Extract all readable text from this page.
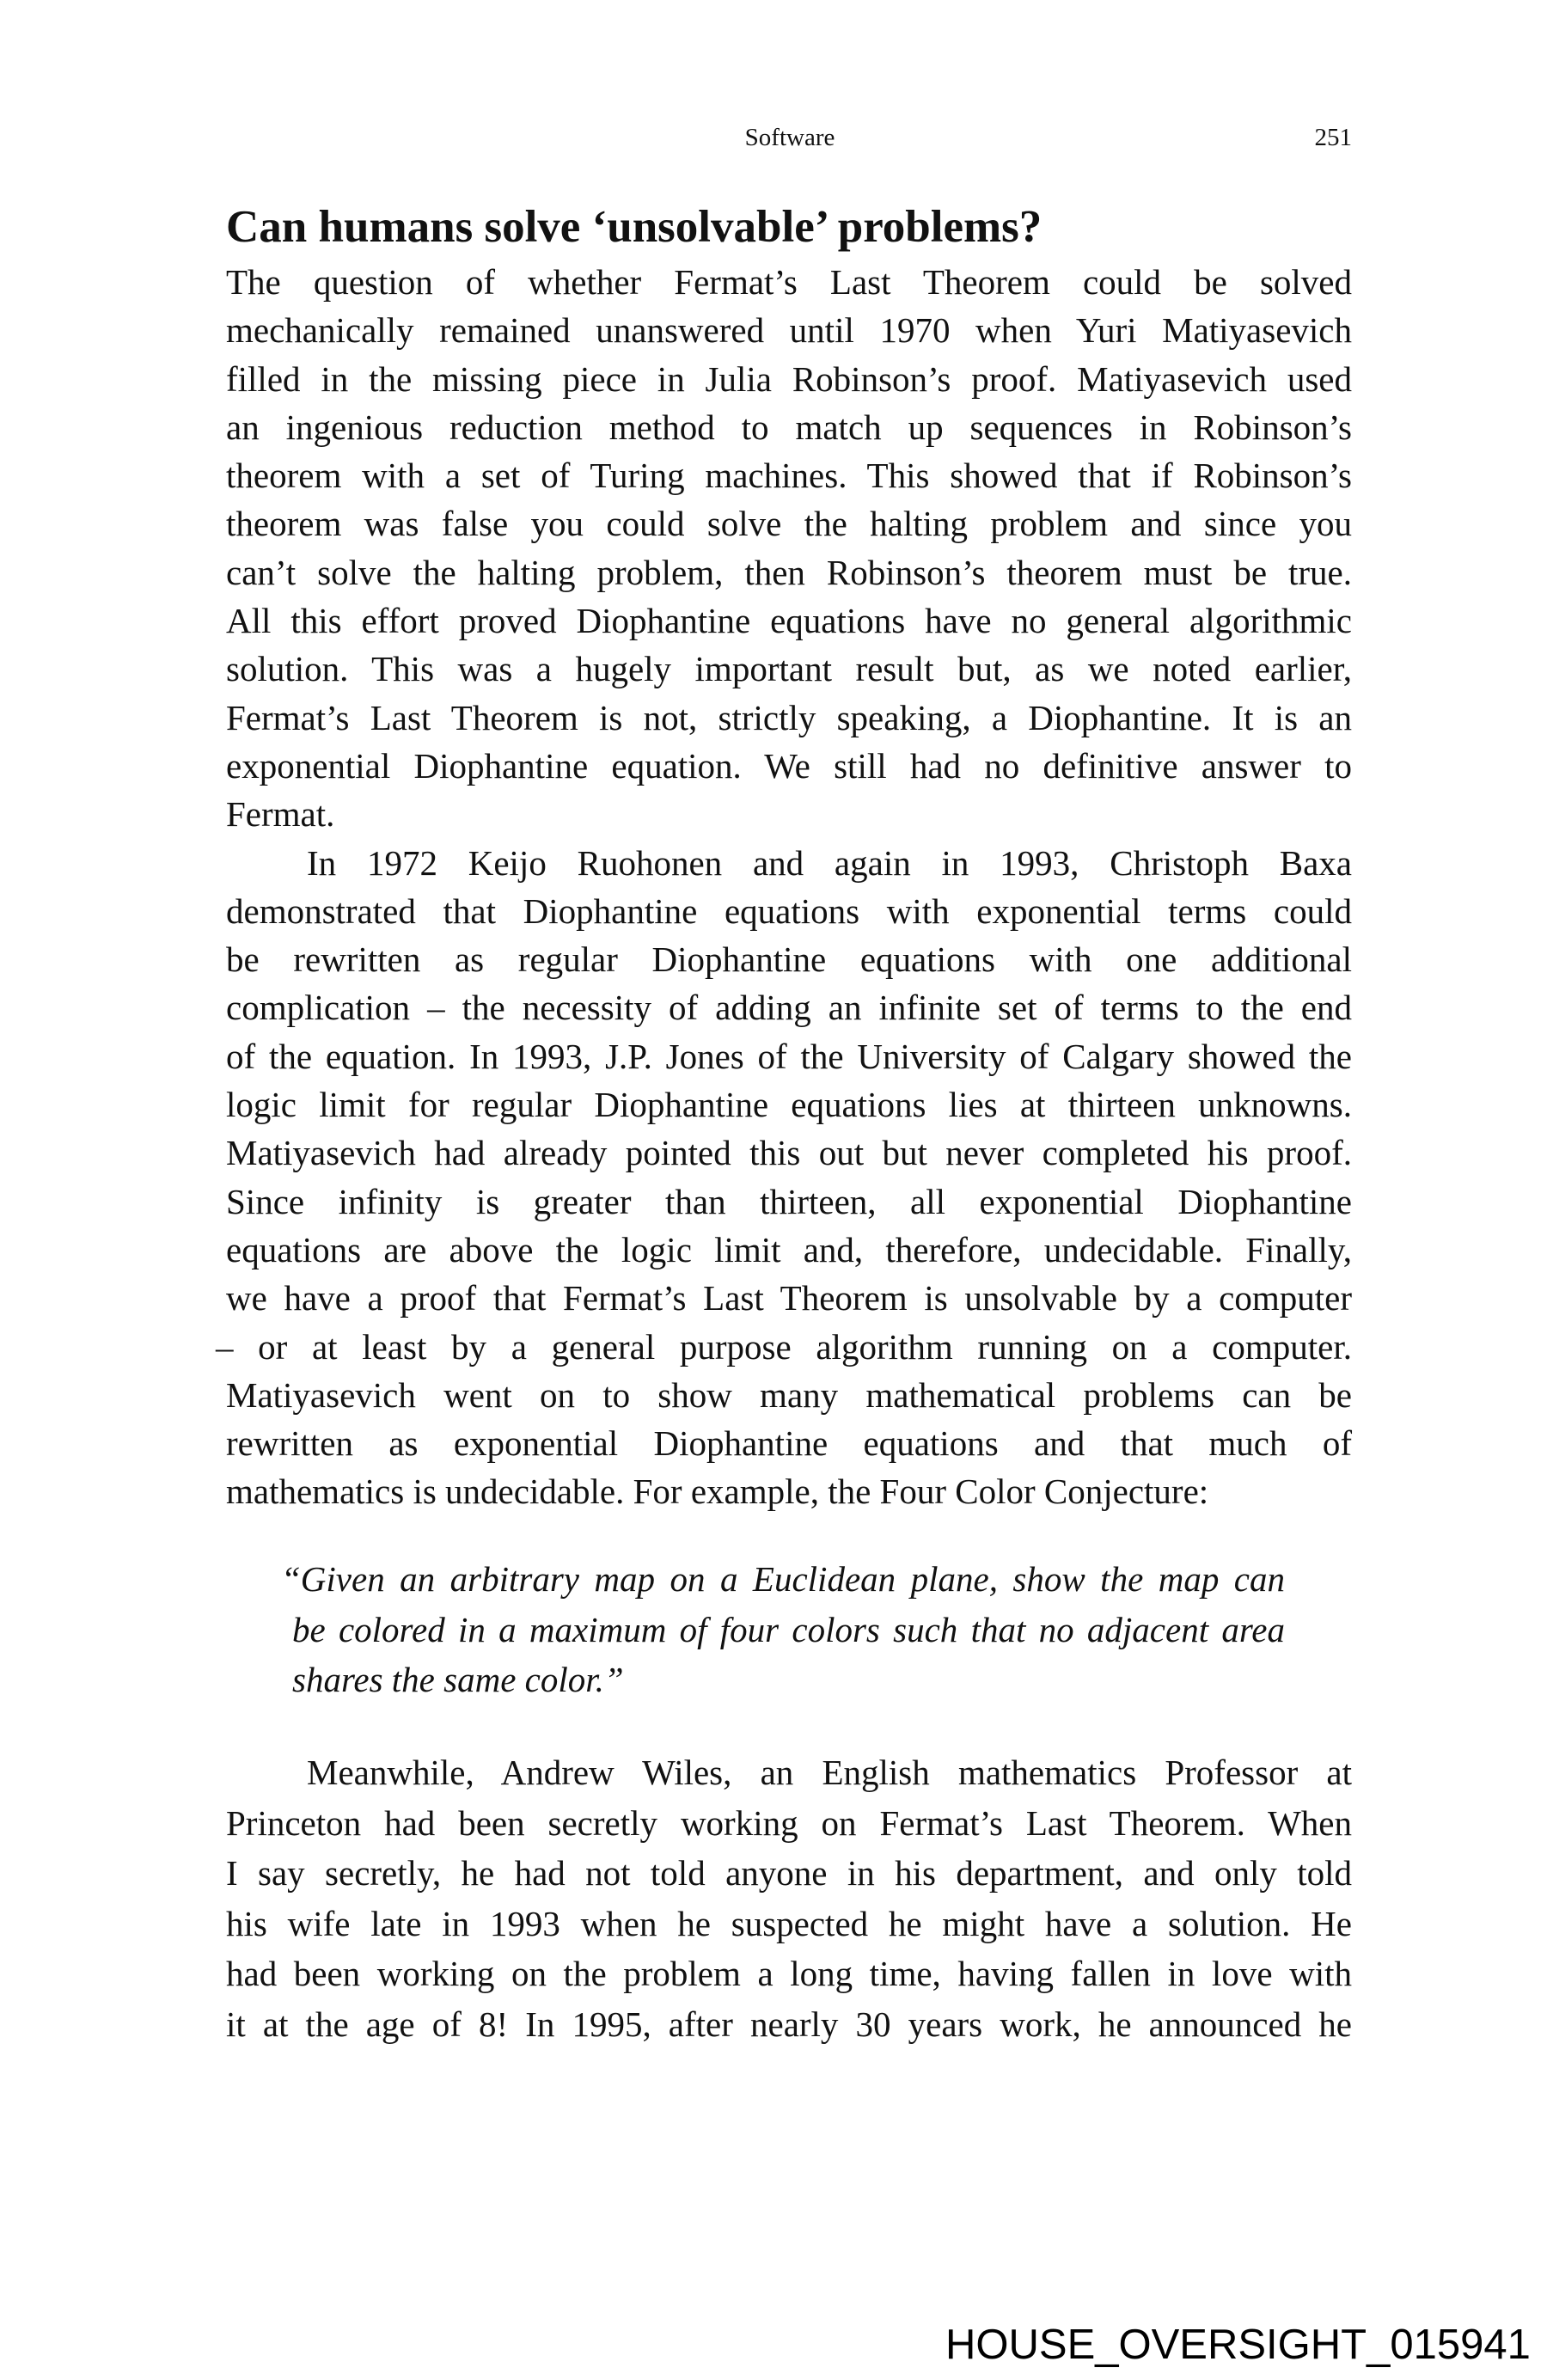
Software	251
Can humans solve ‘unsolvable’ problems?
The question of whether Fermat’s Last Theorem could be solved
mechanically remained unanswered until 1970 when Yuri Matiyasevich
filled in the missing piece in Julia Robinson’s proof. Matiyasevich used
an ingenious reduction method to match up sequences in Robinson’s
theorem with a set of Turing machines. This showed that if Robinson’s
theorem was false you could solve the halting problem and since you
can’t solve the halting problem, then Robinson’s theorem must be true.
All this effort proved Diophantine equations have no general algorithmic
solution. This was a hugely important result but, as we noted earlier,
Fermat’s Last Theorem is not, strictly speaking, a Diophantine. It is an
exponential Diophantine equation. We still had no definitive answer to
Fermat.
In 1972 Keijo Ruohonen and again in 1993, Christoph Baxa
demonstrated that Diophantine equations with exponential terms could
be rewritten as regular Diophantine equations with one additional
complication – the necessity of adding an infinite set of terms to the end
of the equation. In 1993, J.P. Jones of the University of Calgary showed the
logic limit for regular Diophantine equations lies at thirteen unknowns.
Matiyasevich had already pointed this out but never completed his proof.
Since infinity is greater than thirteen, all exponential Diophantine
equations are above the logic limit and, therefore, undecidable. Finally,
we have a proof that Fermat’s Last Theorem is unsolvable by a computer
– or at least by a general purpose algorithm running on a computer.
Matiyasevich went on to show many mathematical problems can be
rewritten as exponential Diophantine equations and that much of
mathematics is undecidable. For example, the Four Color Conjecture:
“Given an arbitrary map on a Euclidean plane, show the map can
be colored in a maximum of four colors such that no adjacent area
shares the same color.”
Meanwhile, Andrew Wiles, an English mathematics Professor at
Princeton had been secretly working on Fermat’s Last Theorem. When
I say secretly, he had not told anyone in his department, and only told
his wife late in 1993 when he suspected he might have a solution. He
had been working on the problem a long time, having fallen in love with
it at the age of 8! In 1995, after nearly 30 years work, he announced he
HOUSE_OVERSIGHT_015941
